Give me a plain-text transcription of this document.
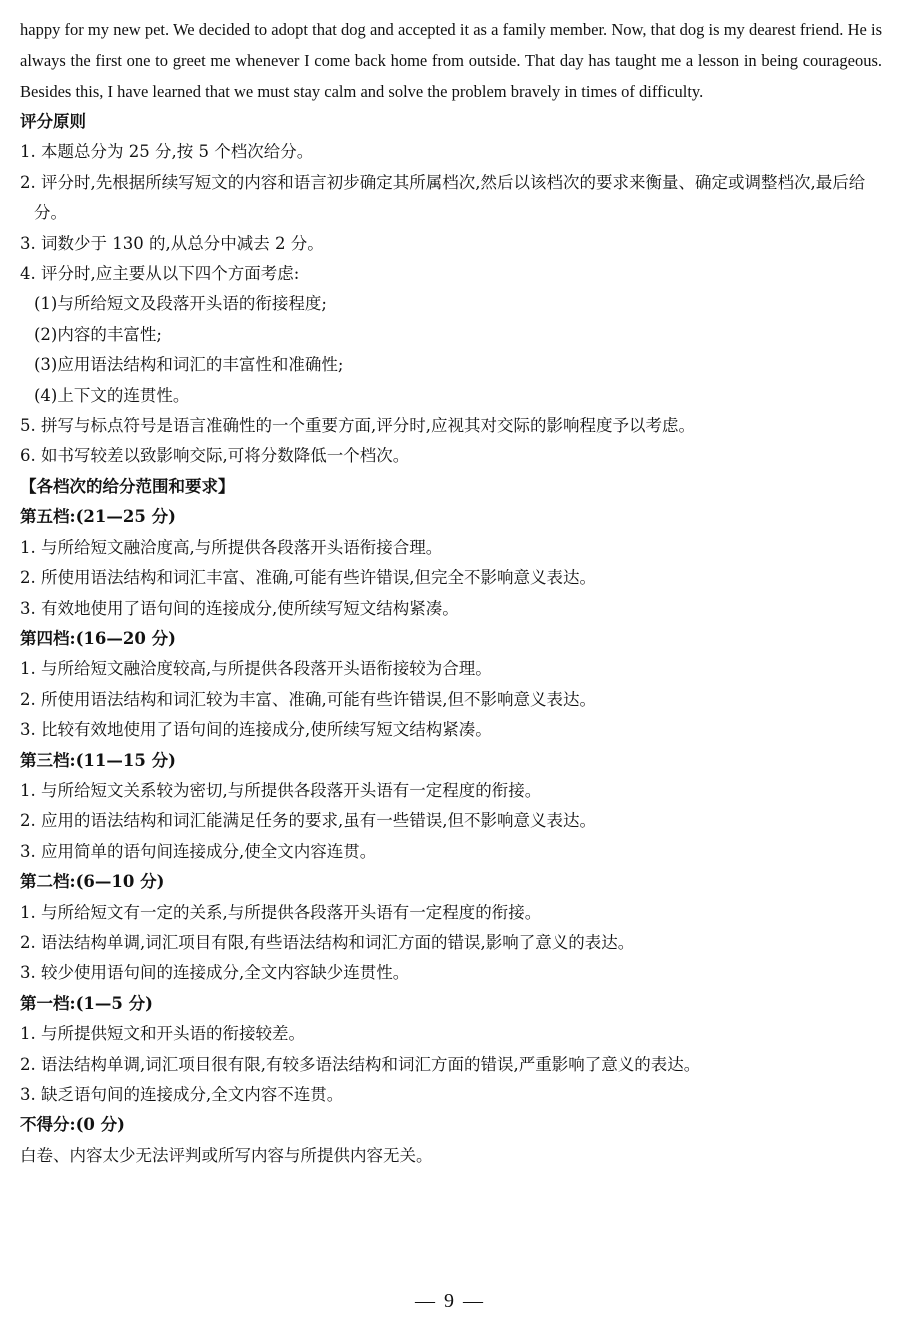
happy for my new pet. We decided to adopt that dog and accepted it as a family member. Now, that dog is my dearest friend. He is always the first one to greet me whenever I come back home from outside. That day has taught me a lesson in being courageous. Besides this, I have learned that we must stay calm and solve the problem bravely in times of difficulty.

评分原则
1. 本题总分为 25 分,按 5 个档次给分。
2. 评分时,先根据所续写短文的内容和语言初步确定其所属档次,然后以该档次的要求来衡量、确定或调整档次,最后给分。
3. 词数少于 130 的,从总分中减去 2 分。
4. 评分时,应主要从以下四个方面考虑:
(1)与所给短文及段落开头语的衔接程度;
(2)内容的丰富性;
(3)应用语法结构和词汇的丰富性和准确性;
(4)上下文的连贯性。
5. 拼写与标点符号是语言准确性的一个重要方面,评分时,应视其对交际的影响程度予以考虑。
6. 如书写较差以致影响交际,可将分数降低一个档次。
【各档次的给分范围和要求】
第五档:(21—25 分)
1. 与所给短文融洽度高,与所提供各段落开头语衔接合理。
2. 所使用语法结构和词汇丰富、准确,可能有些许错误,但完全不影响意义表达。
3. 有效地使用了语句间的连接成分,使所续写短文结构紧凑。
第四档:(16—20 分)
1. 与所给短文融洽度较高,与所提供各段落开头语衔接较为合理。
2. 所使用语法结构和词汇较为丰富、准确,可能有些许错误,但不影响意义表达。
3. 比较有效地使用了语句间的连接成分,使所续写短文结构紧凑。
第三档:(11—15 分)
1. 与所给短文关系较为密切,与所提供各段落开头语有一定程度的衔接。
2. 应用的语法结构和词汇能满足任务的要求,虽有一些错误,但不影响意义表达。
3. 应用简单的语句间连接成分,使全文内容连贯。
第二档:(6—10 分)
1. 与所给短文有一定的关系,与所提供各段落开头语有一定程度的衔接。
2. 语法结构单调,词汇项目有限,有些语法结构和词汇方面的错误,影响了意义的表达。
3. 较少使用语句间的连接成分,全文内容缺少连贯性。
第一档:(1—5 分)
1. 与所提供短文和开头语的衔接较差。
2. 语法结构单调,词汇项目很有限,有较多语法结构和词汇方面的错误,严重影响了意义的表达。
3. 缺乏语句间的连接成分,全文内容不连贯。
不得分:(0 分)
白卷、内容太少无法评判或所写内容与所提供内容无关。
— 9 —
